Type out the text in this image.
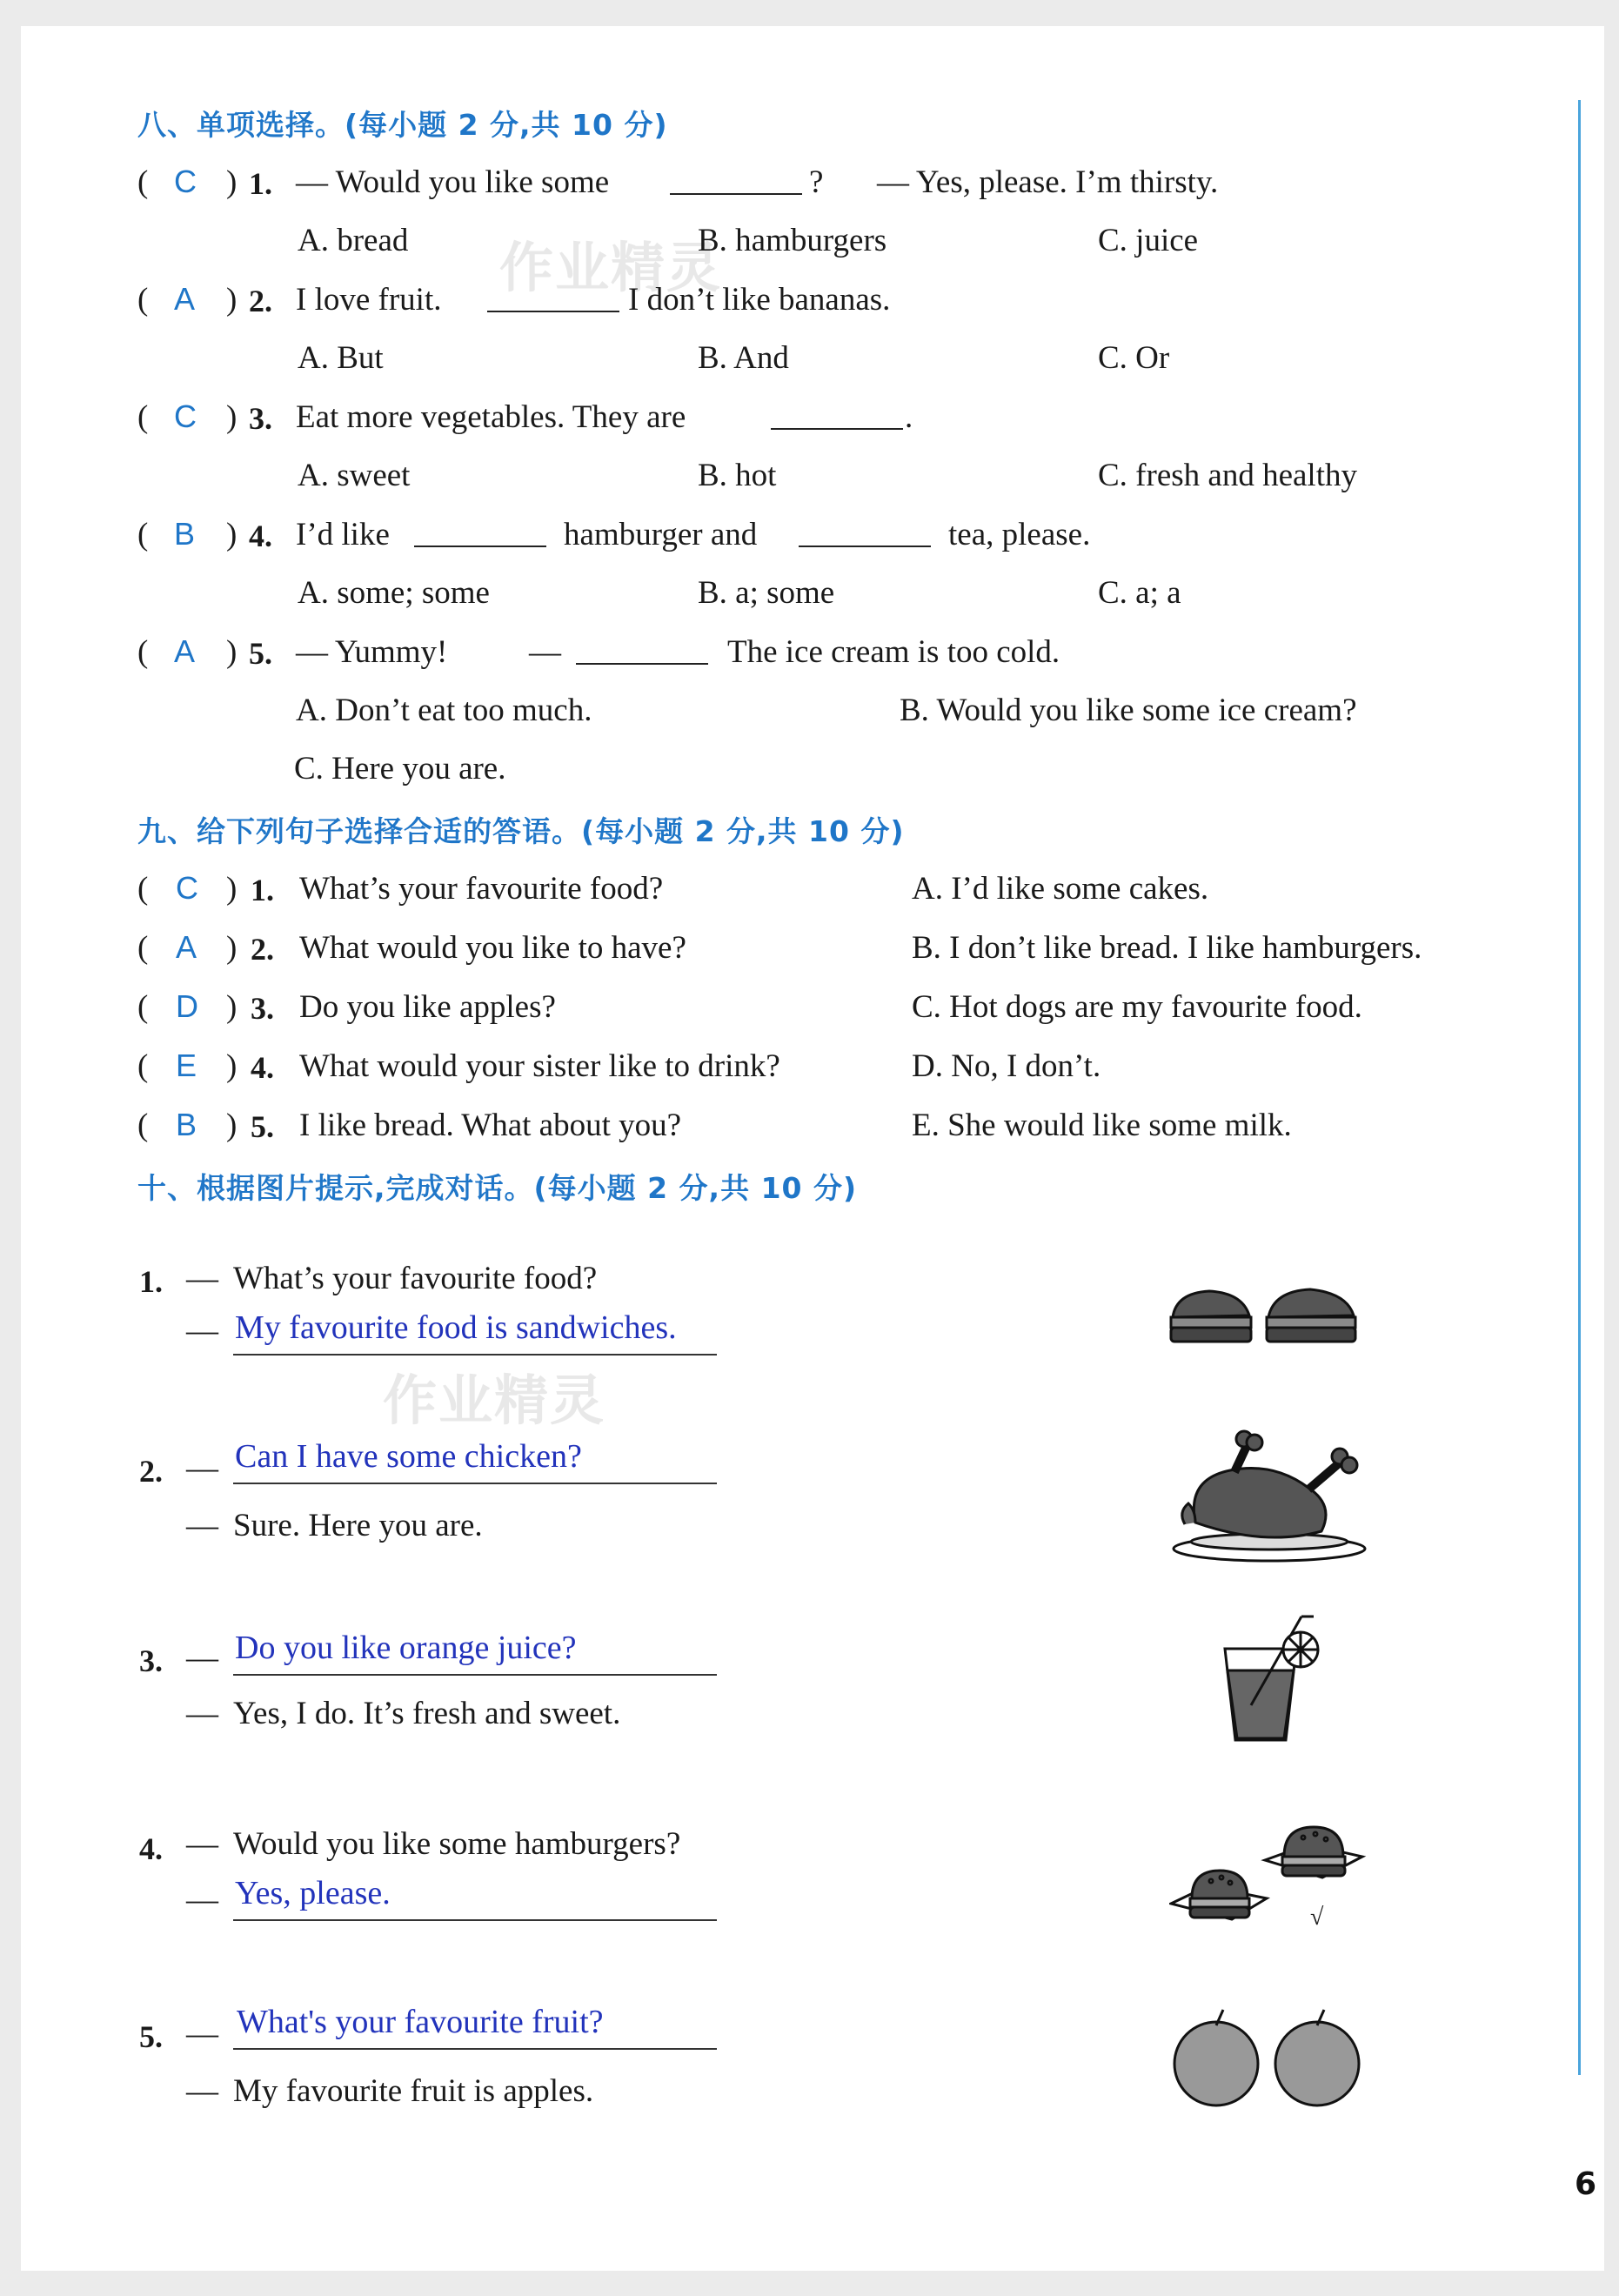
作业精灵
作业精灵
八、单项选择。(每小题 2 分,共 10 分)
( C ) 1. — Would you like some	? — Yes, please. I’m thirsty.
A. bread	B. hamburgers	C. juice
( A ) 2. I love fruit.	I don’t like bananas.
A. But	B. And	C. Or
( C ) 3. Eat more vegetables. They are	.
A. sweet	B. hot	C. fresh and healthy
( B ) 4. I’d like	hamburger and	tea, please.
A. some; some	B. a; some	C. a; a
( A ) 5. — Yummy!	—	The ice cream is too cold.
A. Don’t eat too much.	B. Would you like some ice cream?
C. Here you are.
九、给下列句子选择合适的答语。(每小题 2 分,共 10 分)
( C ) 1. What’s your favourite food?	A. I’d like some cakes.
( A ) 2. What would you like to have?	B. I don’t like bread. I like hamburgers.
( D ) 3. Do you like apples?	C. Hot dogs are my favourite food.
( E ) 4. What would your sister like to drink?	D. No, I don’t.
( B ) 5. I like bread. What about you?	E. She would like some milk.
十、根据图片提示,完成对话。(每小题 2 分,共 10 分)
1. — What’s your favourite food?
— My favourite food is sandwiches.
2. — Can I have some chicken?
— Sure. Here you are.
3. — Do you like orange juice?
— Yes, I do. It’s fresh and sweet.
4. — Would you like some hamburgers?
— Yes, please.
5. — What's your favourite fruit?
— My favourite fruit is apples.
√
6
